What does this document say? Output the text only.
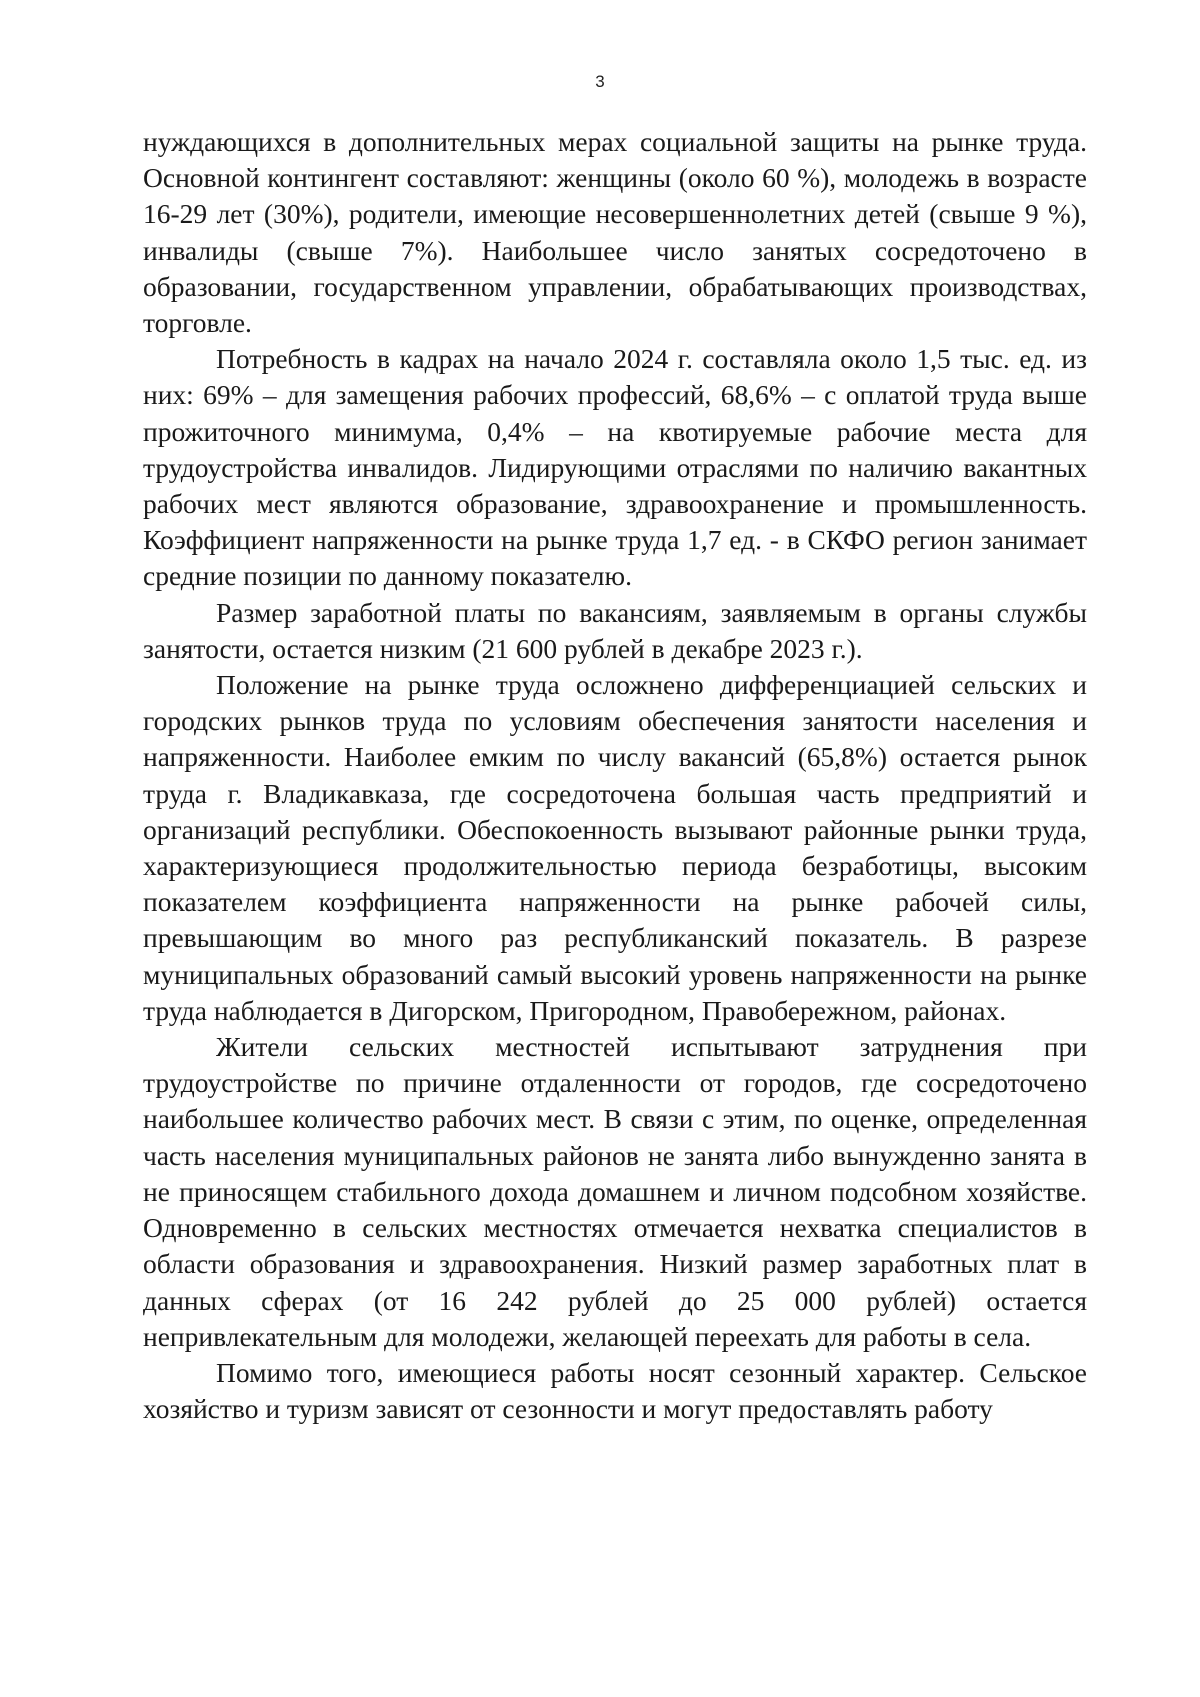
3

нуждающихся в дополнительных мерах социальной защиты на рынке труда. Основной контингент составляют: женщины (около 60 %), молодежь в возрасте 16-29 лет (30%), родители, имеющие несовершеннолетних детей (свыше 9 %), инвалиды (свыше 7%). Наибольшее число занятых сосредоточено в образовании, государственном управлении, обрабатывающих производствах, торговле.

Потребность в кадрах на начало 2024 г. составляла около 1,5 тыс. ед. из них: 69% – для замещения рабочих профессий, 68,6% – с оплатой труда выше прожиточного минимума, 0,4% – на квотируемые рабочие места для трудоустройства инвалидов. Лидирующими отраслями по наличию вакантных рабочих мест являются образование, здравоохранение и промышленность. Коэффициент напряженности на рынке труда 1,7 ед. - в СКФО регион занимает средние позиции по данному показателю.

Размер заработной платы по вакансиям, заявляемым в органы службы занятости, остается низким (21 600 рублей в декабре 2023 г.).

Положение на рынке труда осложнено дифференциацией сельских и городских рынков труда по условиям обеспечения занятости населения и напряженности. Наиболее емким по числу вакансий (65,8%) остается рынок труда г. Владикавказа, где сосредоточена большая часть предприятий и организаций республики. Обеспокоенность вызывают районные рынки труда, характеризующиеся продолжительностью периода безработицы, высоким показателем коэффициента напряженности на рынке рабочей силы, превышающим во много раз республиканский показатель. В разрезе муниципальных образований самый высокий уровень напряженности на рынке труда наблюдается в Дигорском, Пригородном, Правобережном, районах.

Жители сельских местностей испытывают затруднения при трудоустройстве по причине отдаленности от городов, где сосредоточено наибольшее количество рабочих мест. В связи с этим, по оценке, определенная часть населения муниципальных районов не занята либо вынужденно занята в не приносящем стабильного дохода домашнем и личном подсобном хозяйстве. Одновременно в сельских местностях отмечается нехватка специалистов в области образования и здравоохранения. Низкий размер заработных плат в данных сферах (от 16 242 рублей до 25 000 рублей) остается непривлекательным для молодежи, желающей переехать для работы в села.

Помимо того, имеющиеся работы носят сезонный характер. Сельское хозяйство и туризм зависят от сезонности и могут предоставлять работу
